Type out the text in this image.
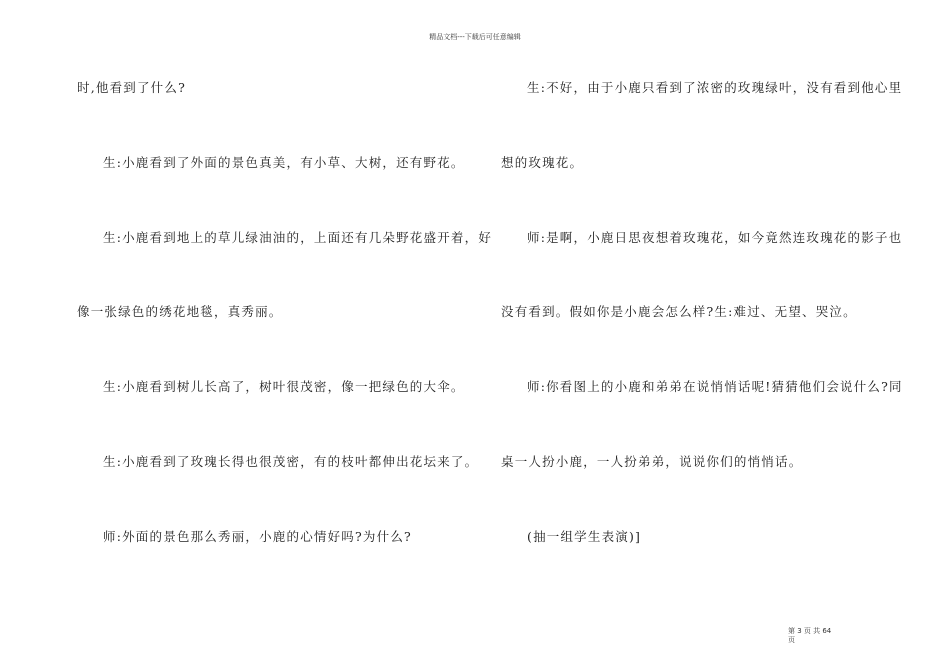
精品文档---下载后可任意编辑
时,他看到了什么?
生:小鹿看到了外面的景色真美，有小草、大树，还有野花。
生:小鹿看到地上的草儿绿油油的，上面还有几朵野花盛开着，好
像一张绿色的绣花地毯，真秀丽。
生:小鹿看到树儿长高了，树叶很茂密，像一把绿色的大伞。
生:小鹿看到了玫瑰长得也很茂密，有的枝叶都伸出花坛来了。
师:外面的景色那么秀丽，小鹿的心情好吗?为什么?
生:不好，由于小鹿只看到了浓密的玫瑰绿叶，没有看到他心里
想的玫瑰花。
师:是啊，小鹿日思夜想着玫瑰花，如今竟然连玫瑰花的影子也
没有看到。假如你是小鹿会怎么样?生:难过、无望、哭泣。
师:你看图上的小鹿和弟弟在说悄悄话呢!猜猜他们会说什么?同
桌一人扮小鹿，一人扮弟弟，说说你们的悄悄话。
(抽一组学生表演)]
第 3 页 共 64 页
